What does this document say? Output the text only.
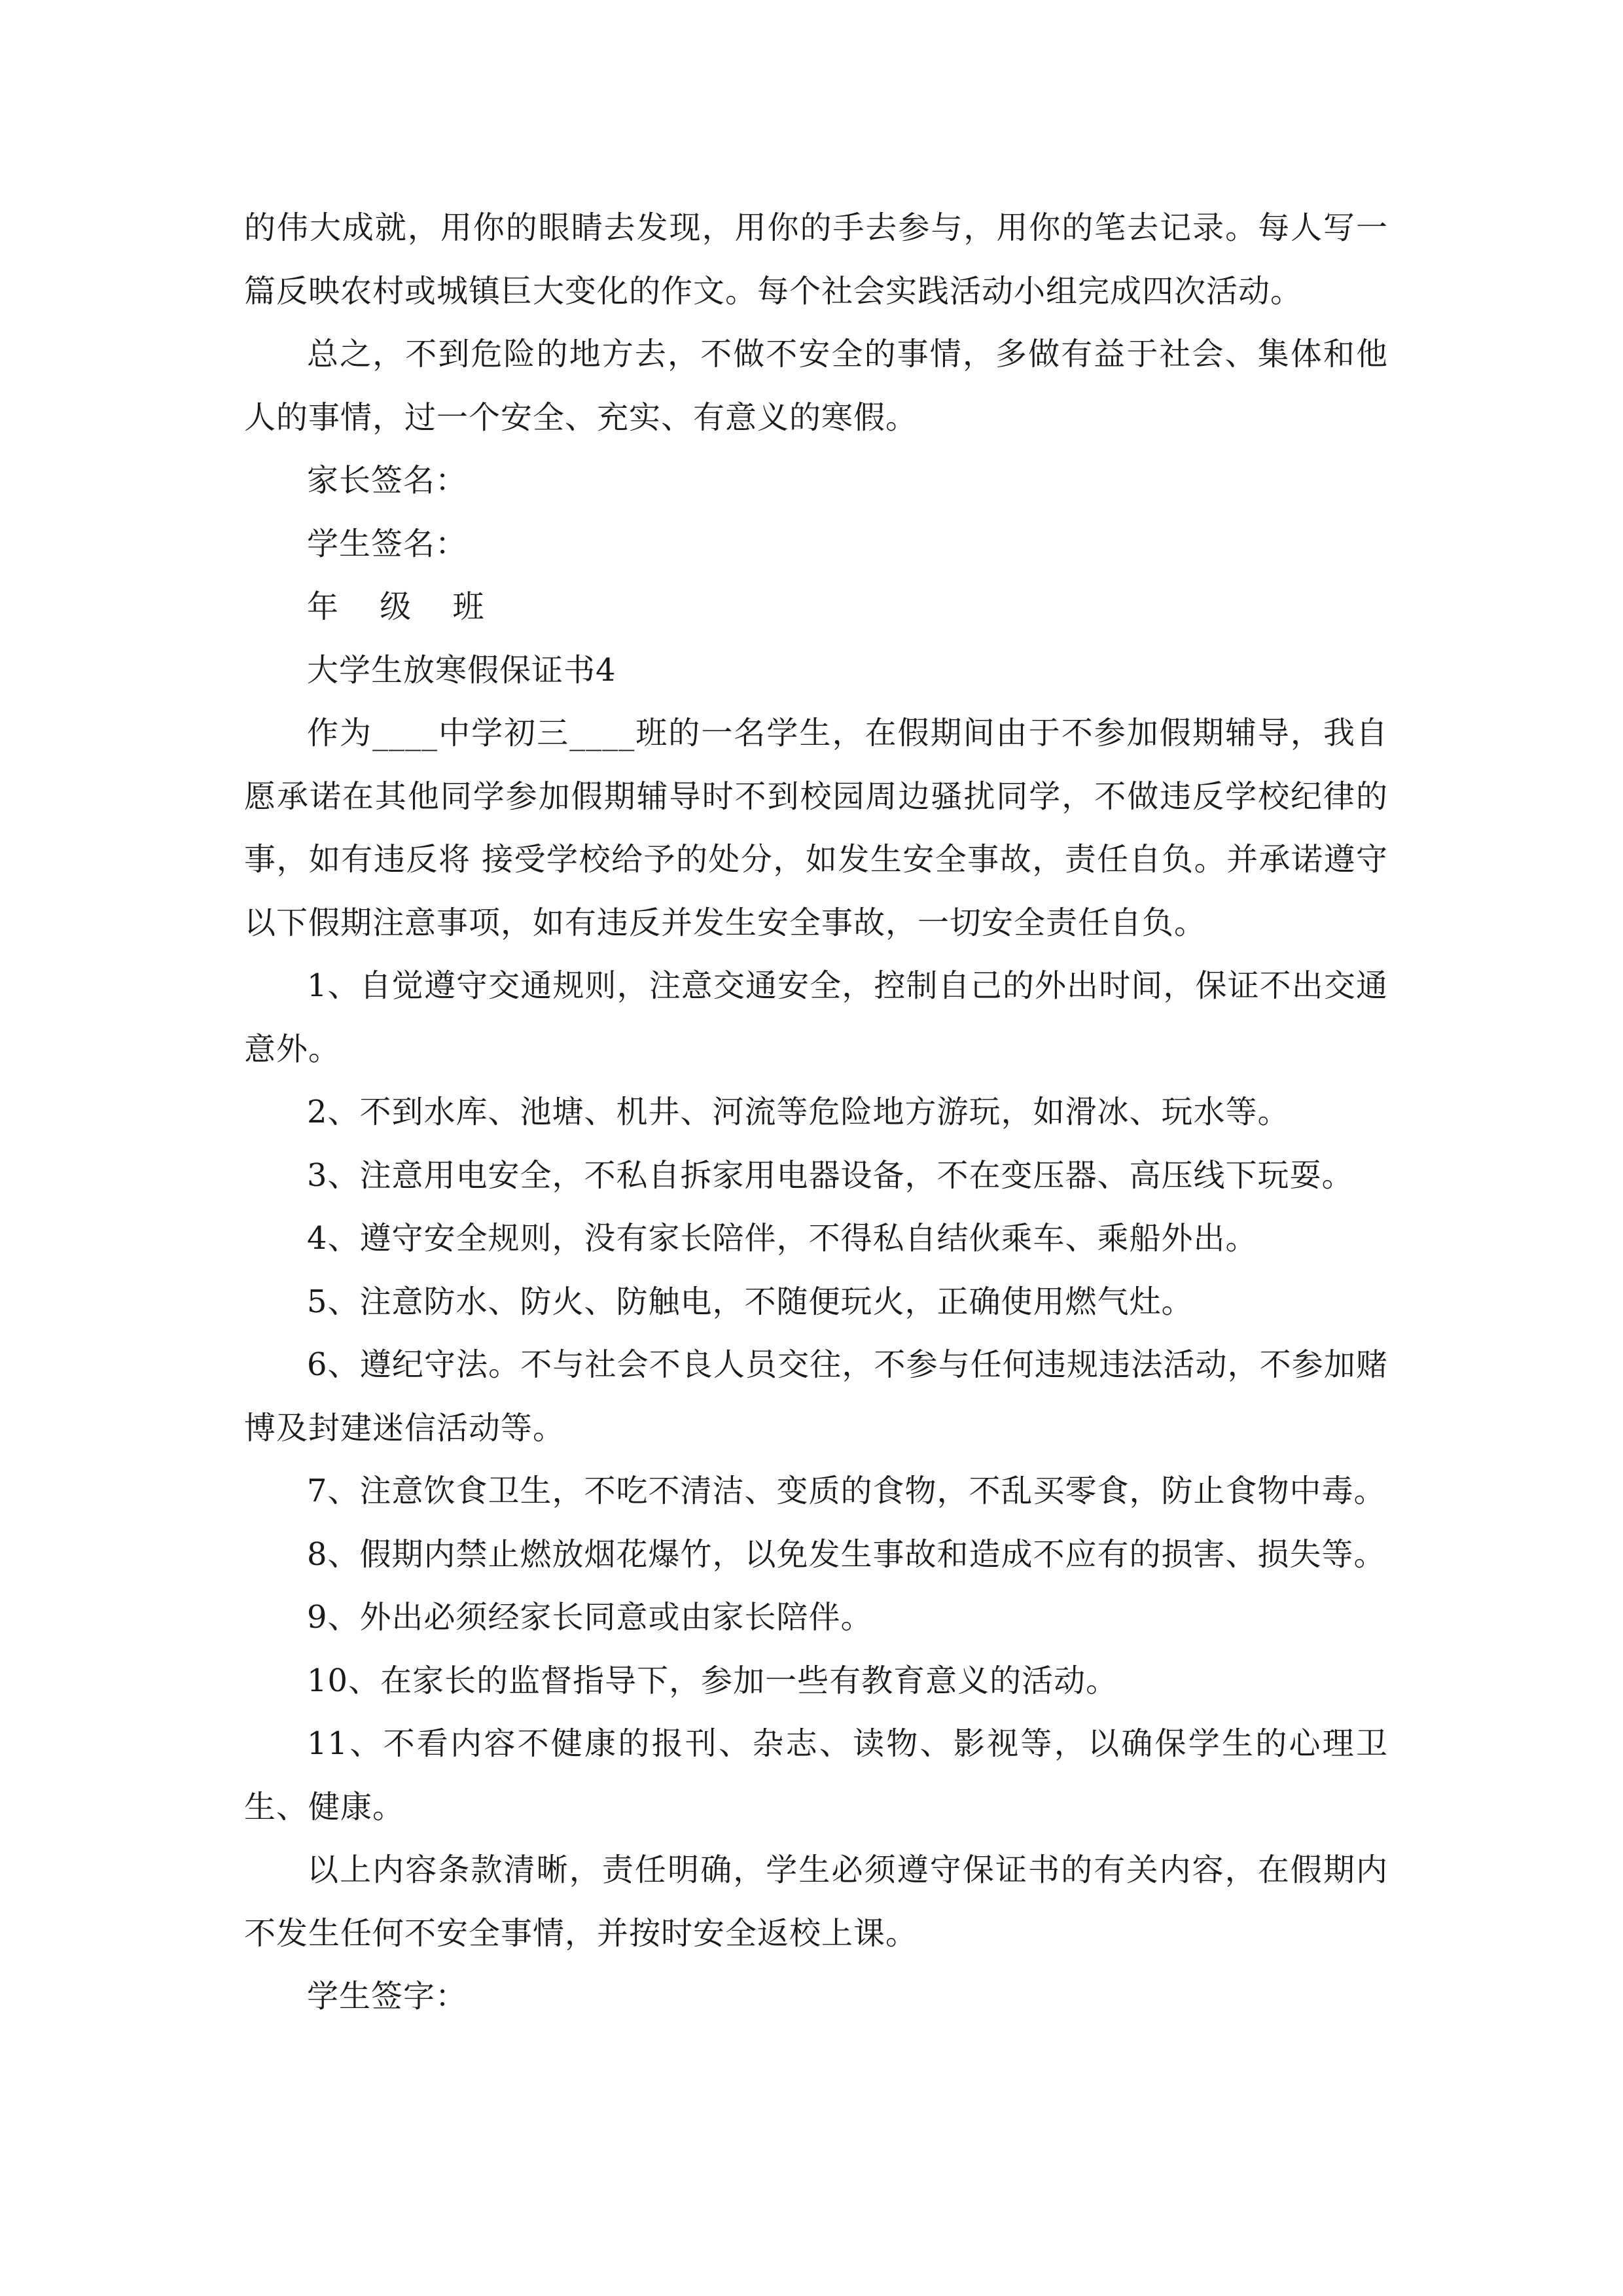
的伟大成就，用你的眼睛去发现，用你的手去参与，用你的笔去记录。每人写一篇反映农村或城镇巨大变化的作文。每个社会实践活动小组完成四次活动。

总之，不到危险的地方去，不做不安全的事情，多做有益于社会、集体和他人的事情，过一个安全、充实、有意义的寒假。

家长签名：

学生签名：

年 级 班

大学生放寒假保证书4

作为____中学初三____班的一名学生，在假期间由于不参加假期辅导，我自愿承诺在其他同学参加假期辅导时不到校园周边骚扰同学，不做违反学校纪律的事，如有违反将 接受学校给予的处分，如发生安全事故，责任自负。并承诺遵守以下假期注意事项，如有违反并发生安全事故，一切安全责任自负。

1、自觉遵守交通规则，注意交通安全，控制自己的外出时间，保证不出交通意外。

2、不到水库、池塘、机井、河流等危险地方游玩，如滑冰、玩水等。

3、注意用电安全，不私自拆家用电器设备，不在变压器、高压线下玩耍。

4、遵守安全规则，没有家长陪伴，不得私自结伙乘车、乘船外出。

5、注意防水、防火、防触电，不随便玩火，正确使用燃气灶。

6、遵纪守法。不与社会不良人员交往，不参与任何违规违法活动，不参加赌博及封建迷信活动等。

7、注意饮食卫生，不吃不清洁、变质的食物，不乱买零食，防止食物中毒。

8、假期内禁止燃放烟花爆竹，以免发生事故和造成不应有的损害、损失等。

9、外出必须经家长同意或由家长陪伴。

10、在家长的监督指导下，参加一些有教育意义的活动。

11、不看内容不健康的报刊、杂志、读物、影视等，以确保学生的心理卫生、健康。

以上内容条款清晰，责任明确，学生必须遵守保证书的有关内容，在假期内不发生任何不安全事情，并按时安全返校上课。

学生签字：
